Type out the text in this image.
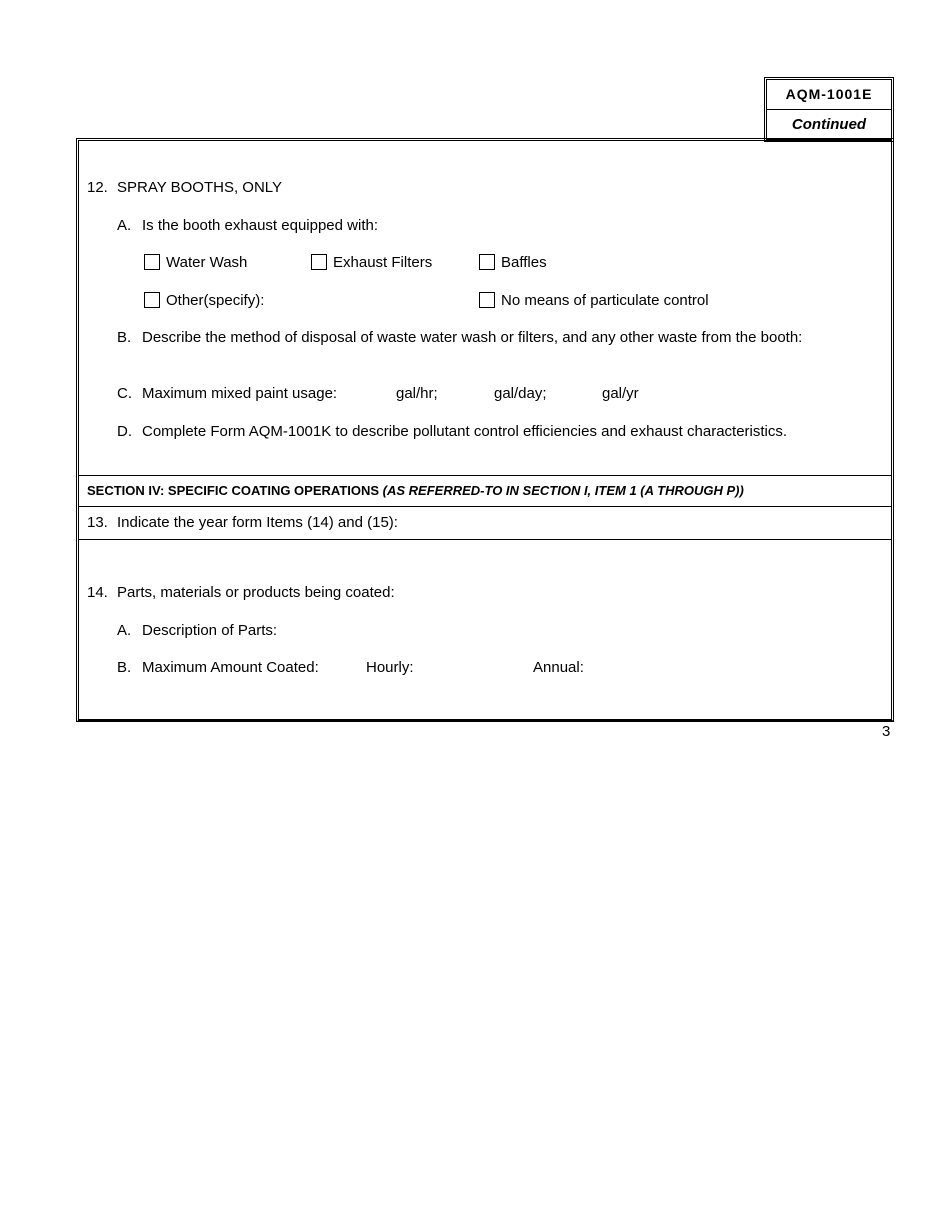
AQM-1001E
Continued
12. SPRAY BOOTHS, ONLY
A. Is the booth exhaust equipped with:
Water Wash	Exhaust Filters	Baffles
Other(specify):	No means of particulate control
B. Describe the method of disposal of waste water wash or filters, and any other waste from the booth:
C. Maximum mixed paint usage:	gal/hr;	gal/day;	gal/yr
D. Complete Form AQM-1001K to describe pollutant control efficiencies and exhaust characteristics.
SECTION IV: SPECIFIC COATING OPERATIONS (AS REFERRED-TO IN SECTION I, ITEM 1 (A THROUGH P))
13. Indicate the year form Items (14) and (15):
14. Parts, materials or products being coated:
A. Description of Parts:
B. Maximum Amount Coated:	Hourly:	Annual:
3
